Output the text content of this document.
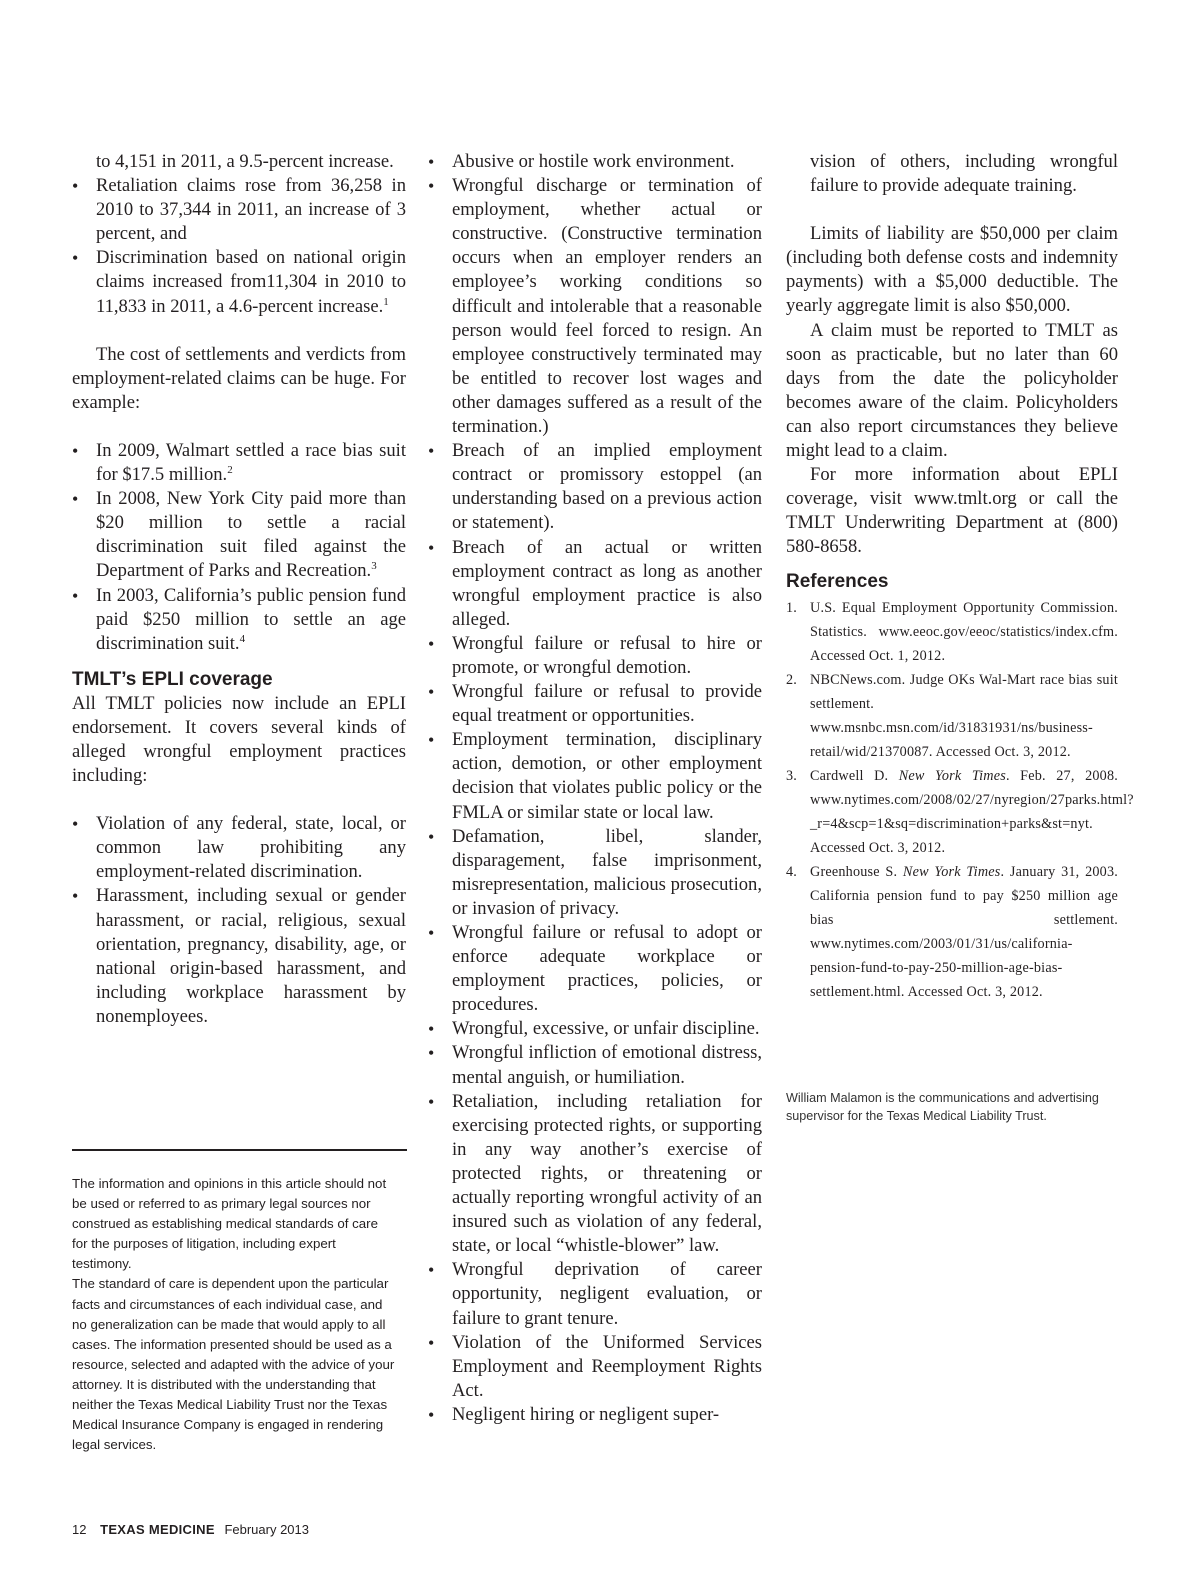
to 4,151 in 2011, a 9.5-percent increase.

• Retaliation claims rose from 36,258 in 2010 to 37,344 in 2011, an increase of 3 percent, and
• Discrimination based on national origin claims increased from11,304 in 2010 to 11,833 in 2011, a 4.6-percent increase.$^1$

The cost of settlements and verdicts from employment-related claims can be huge. For example:

• In 2009, Walmart settled a race bias suit for $17.5 million.$^2$
• In 2008, New York City paid more than $20 million to settle a racial discrimination suit filed against the Department of Parks and Recreation.$^3$
• In 2003, California’s public pension fund paid $250 million to settle an age discrimination suit.$^4$
TMLT’s EPLI coverage

All TMLT policies now include an EPLI endorsement. It covers several kinds of alleged wrongful employment practices including:

• Violation of any federal, state, local, or common law prohibiting any employment-related discrimination.
• Harassment, including sexual or gender harassment, or racial, religious, sexual orientation, pregnancy, disability, age, or national origin-based harassment, and including workplace harassment by nonemployees.

The information and opinions in this article should not be used or referred to as primary legal sources nor construed as establishing medical standards of care for the purposes of litigation, including expert testimony.

The standard of care is dependent upon the particular facts and circumstances of each individual case, and no generalization can be made that would apply to all cases. The information presented should be used as a resource, selected and adapted with the advice of your attorney. It is distributed with the understanding that neither the Texas Medical Liability Trust nor the Texas Medical Insurance Company is engaged in rendering legal services.

• Abusive or hostile work environment.
• Wrongful discharge or termination of employment, whether actual or constructive. (Constructive termination occurs when an employer renders an employee’s working conditions so difficult and intolerable that a reasonable person would feel forced to resign. An employee constructively terminated may be entitled to recover lost wages and other damages suffered as a result of the termination.)
• Breach of an implied employment contract or promissory estoppel (an understanding based on a previous action or statement).
• Breach of an actual or written employment contract as long as another wrongful employment practice is also alleged.
• Wrongful failure or refusal to hire or promote, or wrongful demotion.
• Wrongful failure or refusal to provide equal treatment or opportunities.
• Employment termination, disciplinary action, demotion, or other employment decision that violates public policy or the FMLA or similar state or local law.
• Defamation, libel, slander, disparagement, false imprisonment, misrepresentation, malicious prosecution, or invasion of privacy.
• Wrongful failure or refusal to adopt or enforce adequate workplace or employment practices, policies, or procedures.
• Wrongful, excessive, or unfair discipline.
• Wrongful infliction of emotional distress, mental anguish, or humiliation.
• Retaliation, including retaliation for exercising protected rights, or supporting in any way another’s exercise of protected rights, or threatening or actually reporting wrongful activity of an insured such as violation of any federal, state, or local “whistle-blower” law.
• Wrongful deprivation of career opportunity, negligent evaluation, or failure to grant tenure.
• Violation of the Uniformed Services Employment and Reemployment Rights Act.
• Negligent hiring or negligent super-

vision of others, including wrongful failure to provide adequate training.

Limits of liability are $50,000 per claim (including both defense costs and indemnity payments) with a $5,000 deductible. The yearly aggregate limit is also $50,000.

A claim must be reported to TMLT as soon as practicable, but no later than 60 days from the date the policyholder becomes aware of the claim. Policyholders can also report circumstances they believe might lead to a claim.

For more information about EPLI coverage, visit www.tmlt.org or call the TMLT Underwriting Department at (800) 580-8658.

References
1. U.S. Equal Employment Opportunity Commission. Statistics. www.eeoc.gov/eeoc/statistics/index.cfm. Accessed Oct. 1, 2012.
2. NBCNews.com. Judge OKs Wal-Mart race bias suit settlement. www.msnbc.msn.com/id/31831931/ns/business-retail/wid/21370087. Accessed Oct. 3, 2012.
3. Cardwell D. New York Times. Feb. 27, 2008. www.nytimes.com/2008/02/27/nyregion/27parks.html?_r=4&scp=1&sq=discrimination+parks&st=nyt. Accessed Oct. 3, 2012.
4. Greenhouse S. New York Times. January 31, 2003. California pension fund to pay $250 million age bias settlement. www.nytimes.com/2003/01/31/us/california-pension-fund-to-pay-250-million-age-bias-settlement.html. Accessed Oct. 3, 2012.
William Malamon is the communications and advertising supervisor for the Texas Medical Liability Trust.
12 TEXAS MEDICINE February 2013
